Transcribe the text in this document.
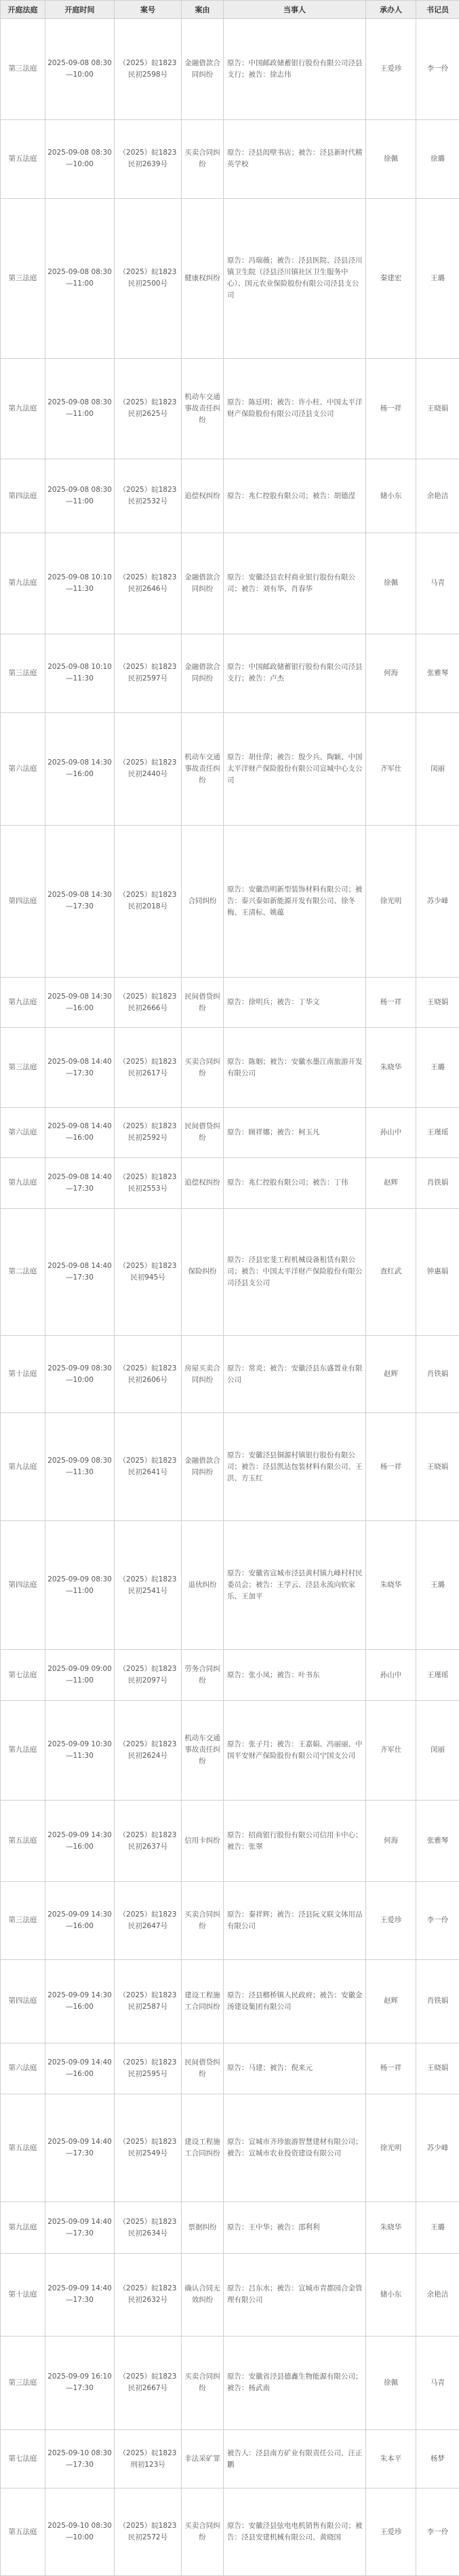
开庭法庭	开庭时间	案号	案由	当事人	承办人	书记员
第三法庭	2025-09-08 08:30—10:00	（2025）皖1823民初2598号	金融借款合同纠纷	原告：中国邮政储蓄银行股份有限公司泾县支行；被告：徐志伟	王爱珍	李一伶
第五法庭	2025-09-08 08:30—10:00	（2025）皖1823民初2639号	买卖合同纠纷	原告：泾县闳壁书店；被告：泾县新时代精英学校	徐佩	徐璐
第三法庭	2025-09-08 08:30—11:00	（2025）皖1823民初2500号	健康权纠纷	原告：冯瑞薇；被告：泾县医院、泾县泾川镇卫生院（泾县泾川镇社区卫生服务中心）、国元农业保险股份有限公司泾县支公司	秦建宏	王璐
第九法庭	2025-09-08 08:30—11:00	（2025）皖1823民初2625号	机动车交通事故责任纠纷	原告：陈廷明；被告：许小柱、中国太平洋财产保险股份有限公司泾县支公司	杨一祥	王晓娟
第四法庭	2025-09-08 08:30—11:00	（2025）皖1823民初2532号	追偿权纠纷	原告：兆仁控股有限公司；被告：胡德滢	储小东	余艳洁
第九法庭	2025-09-08 10:10—11:30	（2025）皖1823民初2646号	金融借款合同纠纷	原告：安徽泾县农村商业银行股份有限公司；被告：刘有华、肖春华	徐佩	马青
第三法庭	2025-09-08 10:10—11:30	（2025）皖1823民初2597号	金融借款合同纠纷	原告：中国邮政储蓄银行股份有限公司泾县支行；被告：卢杰	何海	张雅琴
第六法庭	2025-09-08 14:30—16:00	（2025）皖1823民初2440号	机动车交通事故责任纠纷	原告：胡仕萍；被告：殷少兵、陶颖、中国太平洋财产保险股份有限公司宣城中心支公司	齐军仕	闵丽
第四法庭	2025-09-08 14:30—17:30	（2025）皖1823民初2018号	合同纠纷	原告：安徽浩明新型装饰材料有限公司；被告：泰兴泰如新能源开发有限公司、徐冬梅、王清标、姚蕴	徐光明	苏少峰
第九法庭	2025-09-08 14:30—16:00	（2025）皖1823民初2666号	民间借贷纠纷	原告：徐明兵；被告：丁华文	杨一祥	王晓娟
第三法庭	2025-09-08 14:40—17:30	（2025）皖1823民初2617号	买卖合同纠纷	原告：陈姻；被告：安徽水墨江南旅游开发有限公司	朱晓华	王璐
第六法庭	2025-09-08 14:40—16:00	（2025）皖1823民初2592号	民间借贷纠纷	原告：顾祥娜；被告：柯玉凡	孙山中	王瑾瑶
第九法庭	2025-09-08 14:40—17:30	（2025）皖1823民初2553号	追偿权纠纷	原告：兆仁控股有限公司；被告：丁伟	赵辉	肖铁娟
第二法庭	2025-09-08 14:40—17:30	（2025）皖1823民初945号	保险纠纷	原告：泾县宏斐工程机械设备租赁有限公司；被告：中国太平洋财产保险股份有限公司泾县支公司	查红武	钟惠娟
第十法庭	2025-09-09 08:30—10:00	（2025）皖1823民初2606号	房屋买卖合同纠纷	原告：常炎；被告：安徽泾县东盛置业有限公司	赵辉	肖铁娟
第九法庭	2025-09-09 08:30—11:30	（2025）皖1823民初2641号	金融借款合同纠纷	原告：安徽泾县铜源村镇银行股份有限公司；被告：泾县凯达包装材料有限公司、王洪、方玉红	杨一祥	王晓娟
第四法庭	2025-09-09 08:30—11:00	（2025）皖1823民初2541号	退伙纠纷	原告：安徽省宣城市泾县黄村镇九峰村村民委员会；被告：王学云、泾县永流向软家乐、王加平	朱晓华	王璐
第七法庭	2025-09-09 09:00—11:00	（2025）皖1823民初2097号	劳务合同纠纷	原告：张小凤；被告：叶书东	孙山中	王瑾瑶
第九法庭	2025-09-09 10:30—11:30	（2025）皖1823民初2624号	机动车交通事故责任纠纷	原告：张子月；被告：王嘉娟、冯丽丽、中国平安财产保险股份有限公司宁国支公司	齐军仕	闵丽
第五法庭	2025-09-09 14:30—16:00	（2025）皖1823民初2637号	信用卡纠纷	原告：招商银行股份有限公司信用卡中心；被告：张翠	何海	张雅琴
第三法庭	2025-09-09 14:30—16:00	（2025）皖1823民初2647号	买卖合同纠纷	原告：秦祥辉；被告：泾县阮义联文体用品有限公司	王爱珍	李一伶
第四法庭	2025-09-09 14:30—16:00	（2025）皖1823民初2587号	建设工程施工合同纠纷	原告：泾县榔桥镇人民政府；被告：安徽金汤建设集团有限公司	赵辉	肖铁娟
第六法庭	2025-09-09 14:40—16:00	（2025）皖1823民初2595号	民间借贷纠纷	原告：马建；被告：倪来元	杨一祥	王晓娟
第五法庭	2025-09-09 14:40—17:30	（2025）皖1823民初2549号	建设工程施工合同纠纷	原告：宣城市齐珍旅游智慧建材有限公司；被告：宣城市农业投资建设有限公司	徐光明	苏少峰
第九法庭	2025-09-09 14:40—17:30	（2025）皖1823民初2634号	票据纠纷	原告：王中华；被告：邵利利	朱晓华	王璐
第十法庭	2025-09-09 14:40—17:30	（2025）皖1823民初2632号	确认合同无效纠纷	原告：吕东水；被告：宣城市青都园合金管理有限公司	储小东	余艳洁
第三法庭	2025-09-09 16:10—17:30	（2025）皖1823民初2667号	买卖合同纠纷	原告：安徽省泾县德鑫生物能源有限公司；被告：杨武南	徐佩	马青
第七法庭	2025-09-10 08:30—17:30	（2025）皖1823刑初123号	非法采矿罪	被告人：泾县南方矿业有限责任公司、汪正鹏	朱本平	杨梦
第五法庭	2025-09-10 08:30—10:00	（2025）皖1823民初2572号	买卖合同纠纷	原告：安徽泾县弦电电机销售有限公司；被告：泾县安建机械有限公司、黄晓国	王爱珍	李一伶
